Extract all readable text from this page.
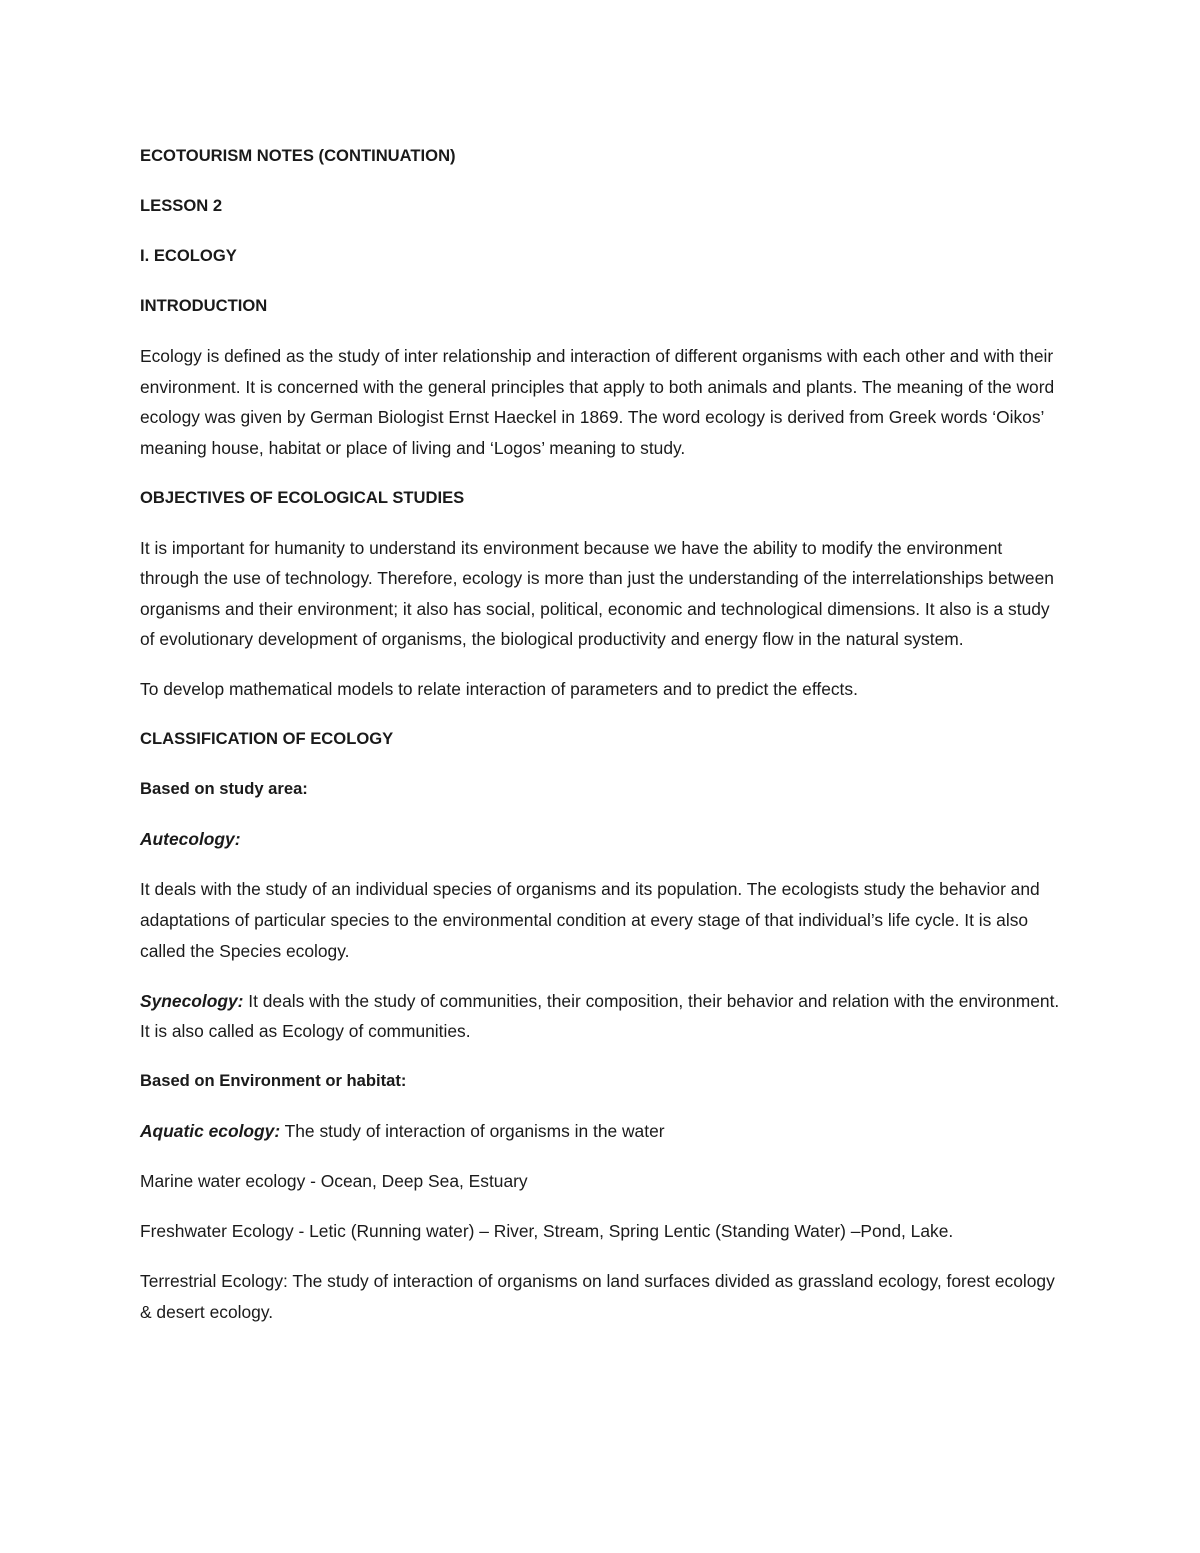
ECOTOURISM NOTES (CONTINUATION)

LESSON 2

I. ECOLOGY

INTRODUCTION

Ecology is defined as the study of inter relationship and interaction of different organisms with each other and with their environment. It is concerned with the general principles that apply to both animals and plants. The meaning of the word ecology was given by German Biologist Ernst Haeckel in 1869. The word ecology is derived from Greek words ‘Oikos’ meaning house, habitat or place of living and ‘Logos’ meaning to study.

OBJECTIVES OF ECOLOGICAL STUDIES

It is important for humanity to understand its environment because we have the ability to modify the environment through the use of technology. Therefore, ecology is more than just the understanding of the interrelationships between organisms and their environment; it also has social, political, economic and technological dimensions. It also is a study of evolutionary development of organisms, the biological productivity and energy flow in the natural system.

To develop mathematical models to relate interaction of parameters and to predict the effects.

CLASSIFICATION OF ECOLOGY

Based on study area:

Autecology:

It deals with the study of an individual species of organisms and its population. The ecologists study the behavior and adaptations of particular species to the environmental condition at every stage of that individual’s life cycle. It is also called the Species ecology.

Synecology: It deals with the study of communities, their composition, their behavior and relation with the environment. It is also called as Ecology of communities.

Based on Environment or habitat:

Aquatic ecology: The study of interaction of organisms in the water

Marine water ecology - Ocean, Deep Sea, Estuary

Freshwater Ecology - Letic (Running water) – River, Stream, Spring Lentic (Standing Water) –Pond, Lake.

Terrestrial Ecology: The study of interaction of organisms on land surfaces divided as grassland ecology, forest ecology & desert ecology.
